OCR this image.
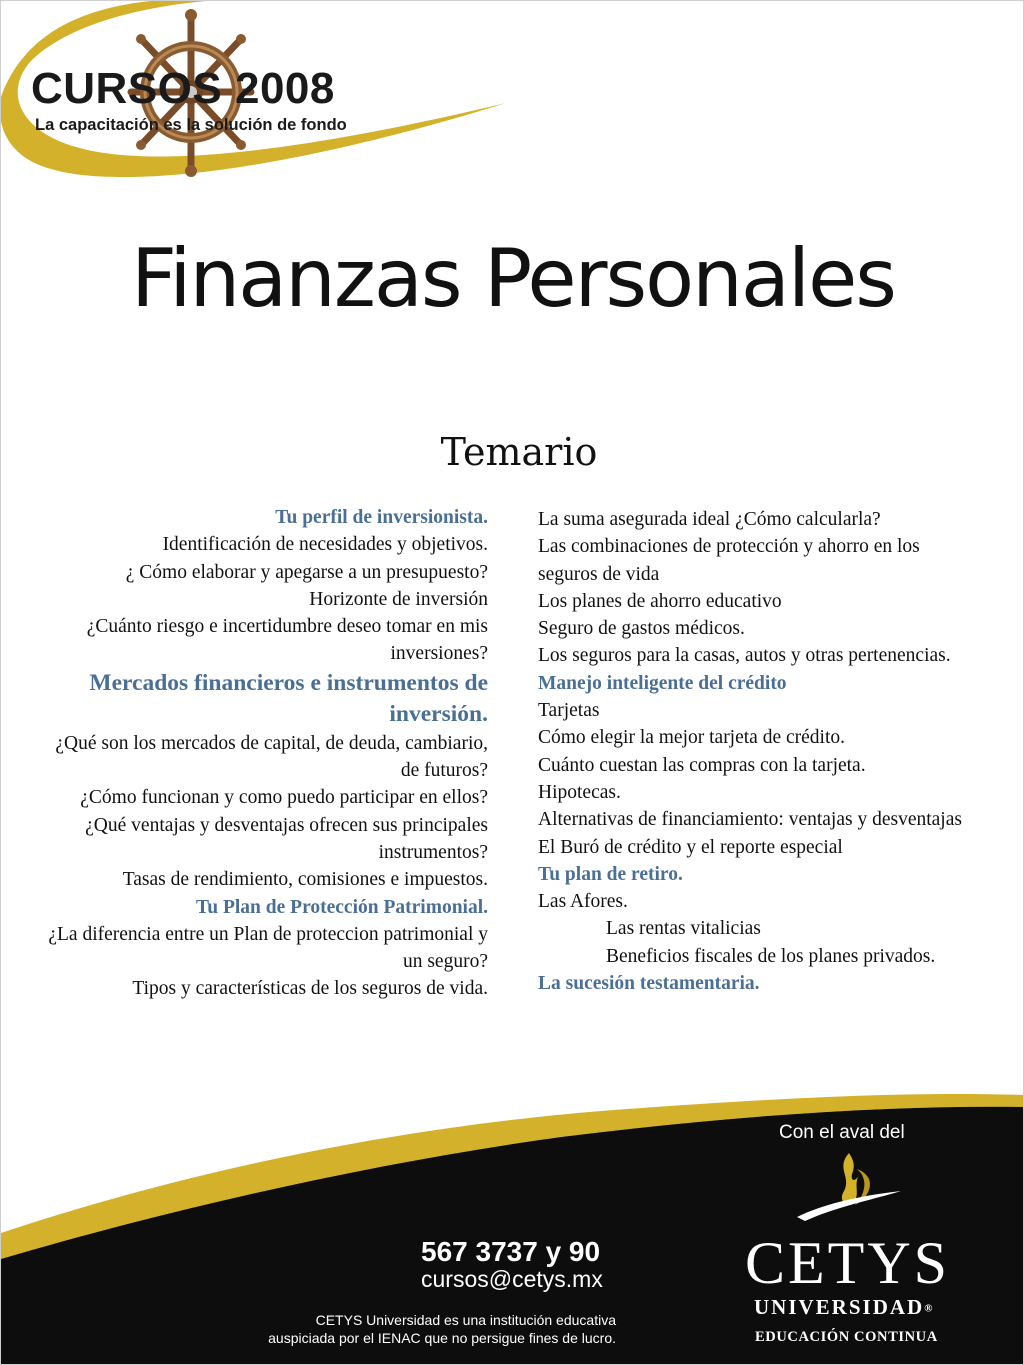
CURSOS 2008
La capacitación es la solución de fondo
Finanzas Personales
Temario
Tu perfil de inversionista.
Identificación de necesidades y objetivos.
¿ Cómo elaborar y apegarse a un presupuesto?
Horizonte de inversión
¿Cuánto riesgo e incertidumbre deseo tomar en mis inversiones?
Mercados financieros e instrumentos de inversión.
¿Qué son los mercados de capital, de deuda, cambiario, de futuros?
¿Cómo funcionan y como puedo participar en ellos?
¿Qué ventajas y desventajas ofrecen sus principales instrumentos?
Tasas de rendimiento, comisiones e impuestos.
Tu Plan de Protección Patrimonial.
¿La diferencia entre un Plan de proteccion patrimonial y un seguro?
Tipos y características de los seguros de vida.
La suma asegurada ideal ¿Cómo calcularla?
Las combinaciones de protección y ahorro en los seguros de vida
Los planes de ahorro educativo
Seguro de gastos médicos.
Los seguros para la casas, autos y otras pertenencias.
Manejo inteligente del crédito
Tarjetas
Cómo elegir la mejor tarjeta de crédito.
Cuánto cuestan las compras con la tarjeta.
Hipotecas.
Alternativas de financiamiento: ventajas y desventajas
El Buró de crédito y el reporte especial
Tu plan de retiro.
Las Afores.
Las rentas vitalicias
Beneficios fiscales de los planes privados.
La sucesión testamentaria.
Con el aval del
CETYS
UNIVERSIDAD®
EDUCACIÓN CONTINUA
567 3737 y 90
cursos@cetys.mx
CETYS Universidad es una institución educativa
auspiciada por el IENAC que no persigue fines de lucro.
